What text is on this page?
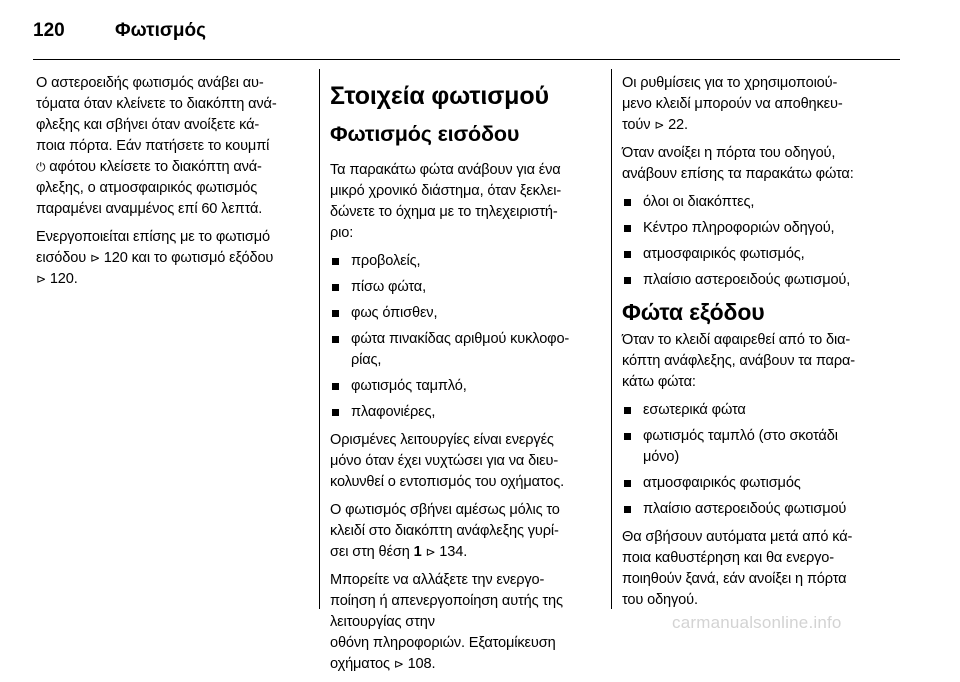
120	Φωτισμός

Ο αστεροειδής φωτισμός ανάβει αυ-
τόματα όταν κλείνετε το διακόπτη ανά-
φλεξης και σβήνει όταν ανοίξετε κά-
ποια πόρτα. Εάν πατήσετε το κουμπί
⏻ αφότου κλείσετε το διακόπτη ανά-
φλεξης, ο ατμοσφαιρικός φωτισμός
παραμένει αναμμένος επί 60 λεπτά.

Ενεργοποιείται επίσης με το φωτισμό
εισόδου ⊳ 120 και το φωτισμό εξόδου
⊳ 120.

Στοιχεία φωτισμού
Φωτισμός εισόδου

Τα παρακάτω φώτα ανάβουν για ένα
μικρό χρονικό διάστημα, όταν ξεκλει-
δώνετε το όχημα με το τηλεχειριστή-
ριο:

προβολείς,
πίσω φώτα,
φως όπισθεν,
φώτα πινακίδας αριθμού κυκλοφο-
ρίας,
φωτισμός ταμπλό,
πλαφονιέρες,

Ορισμένες λειτουργίες είναι ενεργές
μόνο όταν έχει νυχτώσει για να διευ-
κολυνθεί ο εντοπισμός του οχήματος.

Ο φωτισμός σβήνει αμέσως μόλις το
κλειδί στο διακόπτη ανάφλεξης γυρί-
σει στη θέση 1 ⊳ 134.

Μπορείτε να αλλάξετε την ενεργο-
ποίηση ή απενεργοποίηση αυτής της
λειτουργίας στην
οθόνη πληροφοριών. Εξατομίκευση
οχήματος ⊳ 108.

Οι ρυθμίσεις για το χρησιμοποιού-
μενο κλειδί μπορούν να αποθηκευ-
τούν ⊳ 22.

Όταν ανοίξει η πόρτα του οδηγού,
ανάβουν επίσης τα παρακάτω φώτα:

όλοι οι διακόπτες,
Κέντρο πληροφοριών οδηγού,
ατμοσφαιρικός φωτισμός,
πλαίσιο αστεροειδούς φωτισμού,
Φώτα εξόδου

Όταν το κλειδί αφαιρεθεί από το δια-
κόπτη ανάφλεξης, ανάβουν τα παρα-
κάτω φώτα:

εσωτερικά φώτα
φωτισμός ταμπλό (στο σκοτάδι
μόνο)
ατμοσφαιρικός φωτισμός
πλαίσιο αστεροειδούς φωτισμού

Θα σβήσουν αυτόματα μετά από κά-
ποια καθυστέρηση και θα ενεργο-
ποιηθούν ξανά, εάν ανοίξει η πόρτα
του οδηγού.

carmanualsonline.info
